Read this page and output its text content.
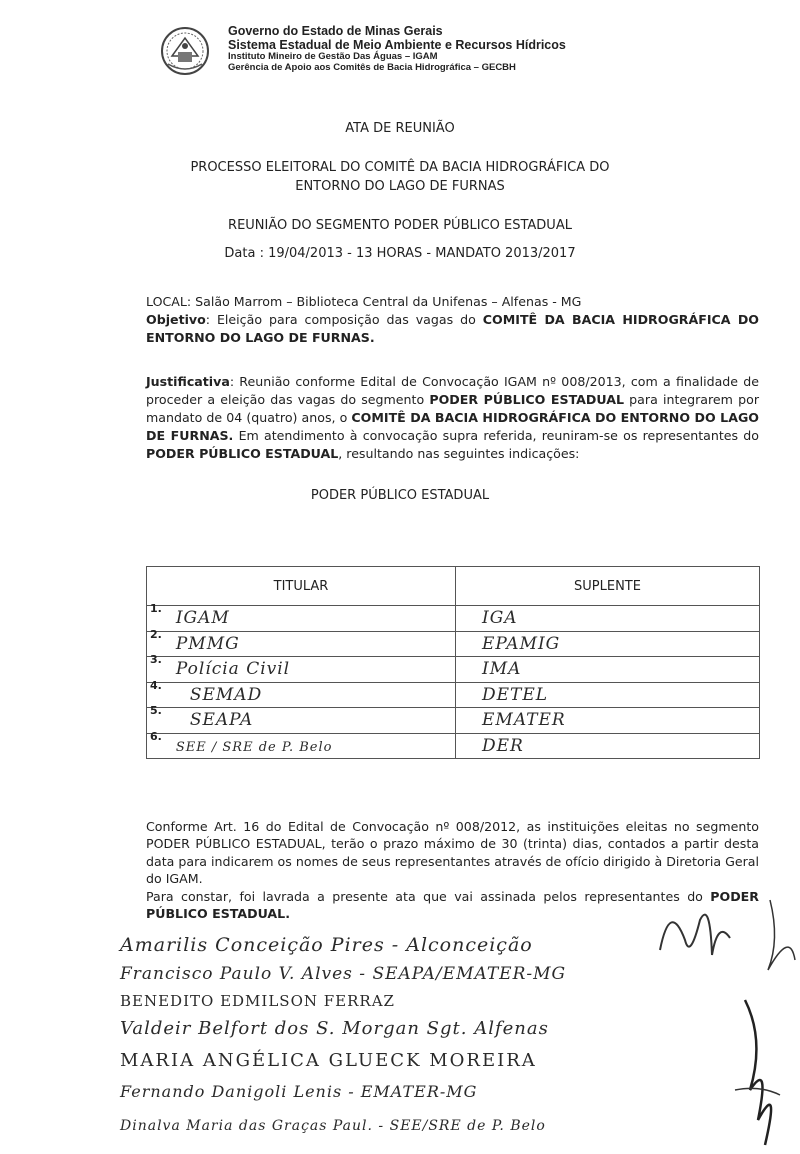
Governo do Estado de Minas Gerais
Sistema Estadual de Meio Ambiente e Recursos Hídricos
Instituto Mineiro de Gestão Das Águas – IGAM
Gerência de Apoio aos Comitês de Bacia Hidrográfica – GECBH
ATA DE REUNIÃO
PROCESSO ELEITORAL DO COMITÊ DA BACIA HIDROGRÁFICA DO
ENTORNO DO LAGO DE FURNAS
REUNIÃO DO SEGMENTO PODER PÚBLICO ESTADUAL
Data : 19/04/2013 - 13 HORAS - MANDATO 2013/2017
LOCAL: Salão Marrom – Biblioteca Central da Unifenas – Alfenas - MG
Objetivo: Eleição para composição das vagas do COMITÊ DA BACIA HIDROGRÁFICA DO ENTORNO DO LAGO DE FURNAS.
Justificativa: Reunião conforme Edital de Convocação IGAM nº 008/2013, com a finalidade de proceder a eleição das vagas do segmento PODER PÚBLICO ESTADUAL para integrarem por mandato de 04 (quatro) anos, o COMITÊ DA BACIA HIDROGRÁFICA DO ENTORNO DO LAGO DE FURNAS. Em atendimento à convocação supra referida, reuniram-se os representantes do PODER PÚBLICO ESTADUAL, resultando nas seguintes indicações:
PODER PÚBLICO ESTADUAL
TITULAR	SUPLENTE
$^{1.}$ IGAM	IGA
$^{2.}$ PMMG	EPAMIG
$^{3.}$ Polícia Civil	IMA
$^{4.}$ SEMAD	DETEL
$^{5.}$ SEAPA	EMATER
$^{6.}$SEE / SRE de P. Belo	DER
Conforme Art. 16 do Edital de Convocação nº 008/2012, as instituições eleitas no segmento PODER PÚBLICO ESTADUAL, terão o prazo máximo de 30 (trinta) dias, contados a partir desta data para indicarem os nomes de seus representantes através de ofício dirigido à Diretoria Geral do IGAM.
Para constar, foi lavrada a presente ata que vai assinada pelos representantes do PODER PÚBLICO ESTADUAL.
Amarilis Conceição Pires - Alconceição
Francisco Paulo V. Alves - SEAPA/EMATER-MG
BENEDITO EDMILSON FERRAZ
Valdeir Belfort dos S. Morgan Sgt. Alfenas
MARIA ANGÉLICA GLUECK MOREIRA
Fernando Danigoli Lenis - EMATER-MG
Dinalva Maria das Graças Paul. - SEE/SRE de P. Belo
